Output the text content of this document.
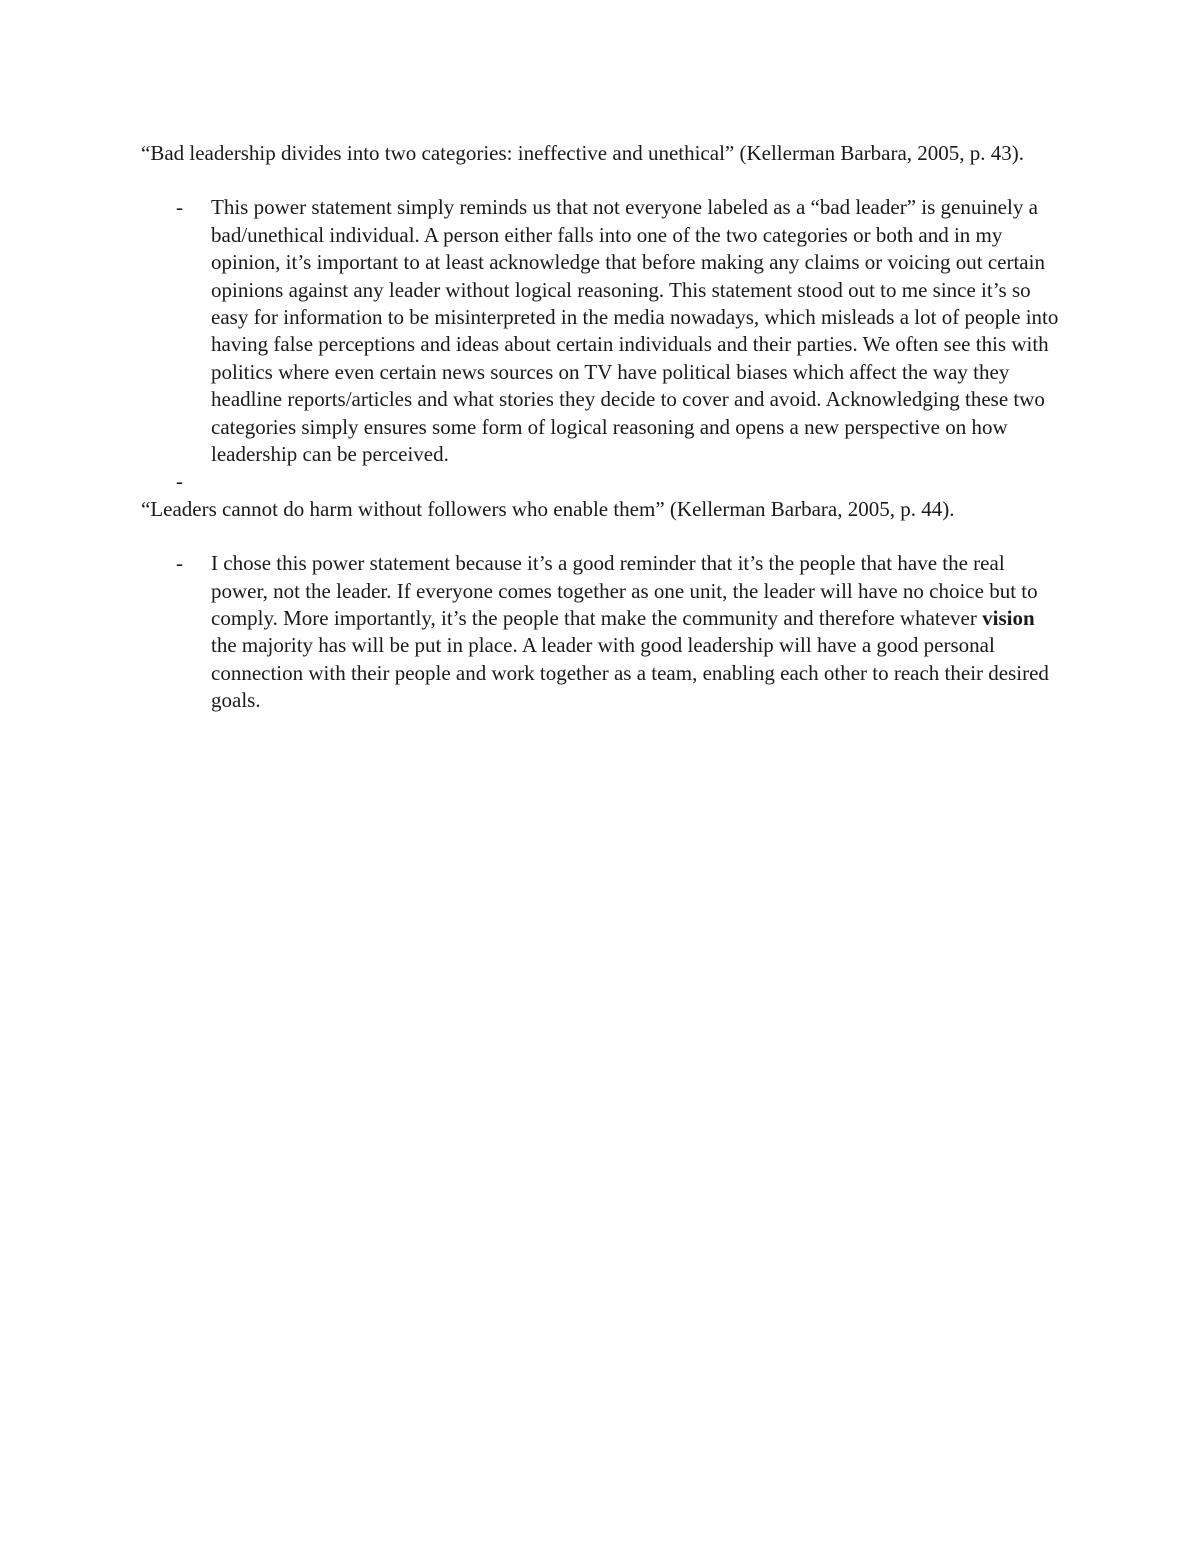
“Bad leadership divides into two categories: ineffective and unethical” (Kellerman Barbara, 2005, p. 43).

- This power statement simply reminds us that not everyone labeled as a “bad leader” is genuinely a bad/unethical individual. A person either falls into one of the two categories or both and in my opinion, it’s important to at least acknowledge that before making any claims or voicing out certain opinions against any leader without logical reasoning. This statement stood out to me since it’s so easy for information to be misinterpreted in the media nowadays, which misleads a lot of people into having false perceptions and ideas about certain individuals and their parties. We often see this with politics where even certain news sources on TV have political biases which affect the way they headline reports/articles and what stories they decide to cover and avoid. Acknowledging these two categories simply ensures some form of logical reasoning and opens a new perspective on how leadership can be perceived.

-

“Leaders cannot do harm without followers who enable them” (Kellerman Barbara, 2005, p. 44).

- I chose this power statement because it’s a good reminder that it’s the people that have the real power, not the leader. If everyone comes together as one unit, the leader will have no choice but to comply. More importantly, it’s the people that make the community and therefore whatever vision the majority has will be put in place. A leader with good leadership will have a good personal connection with their people and work together as a team, enabling each other to reach their desired goals.
